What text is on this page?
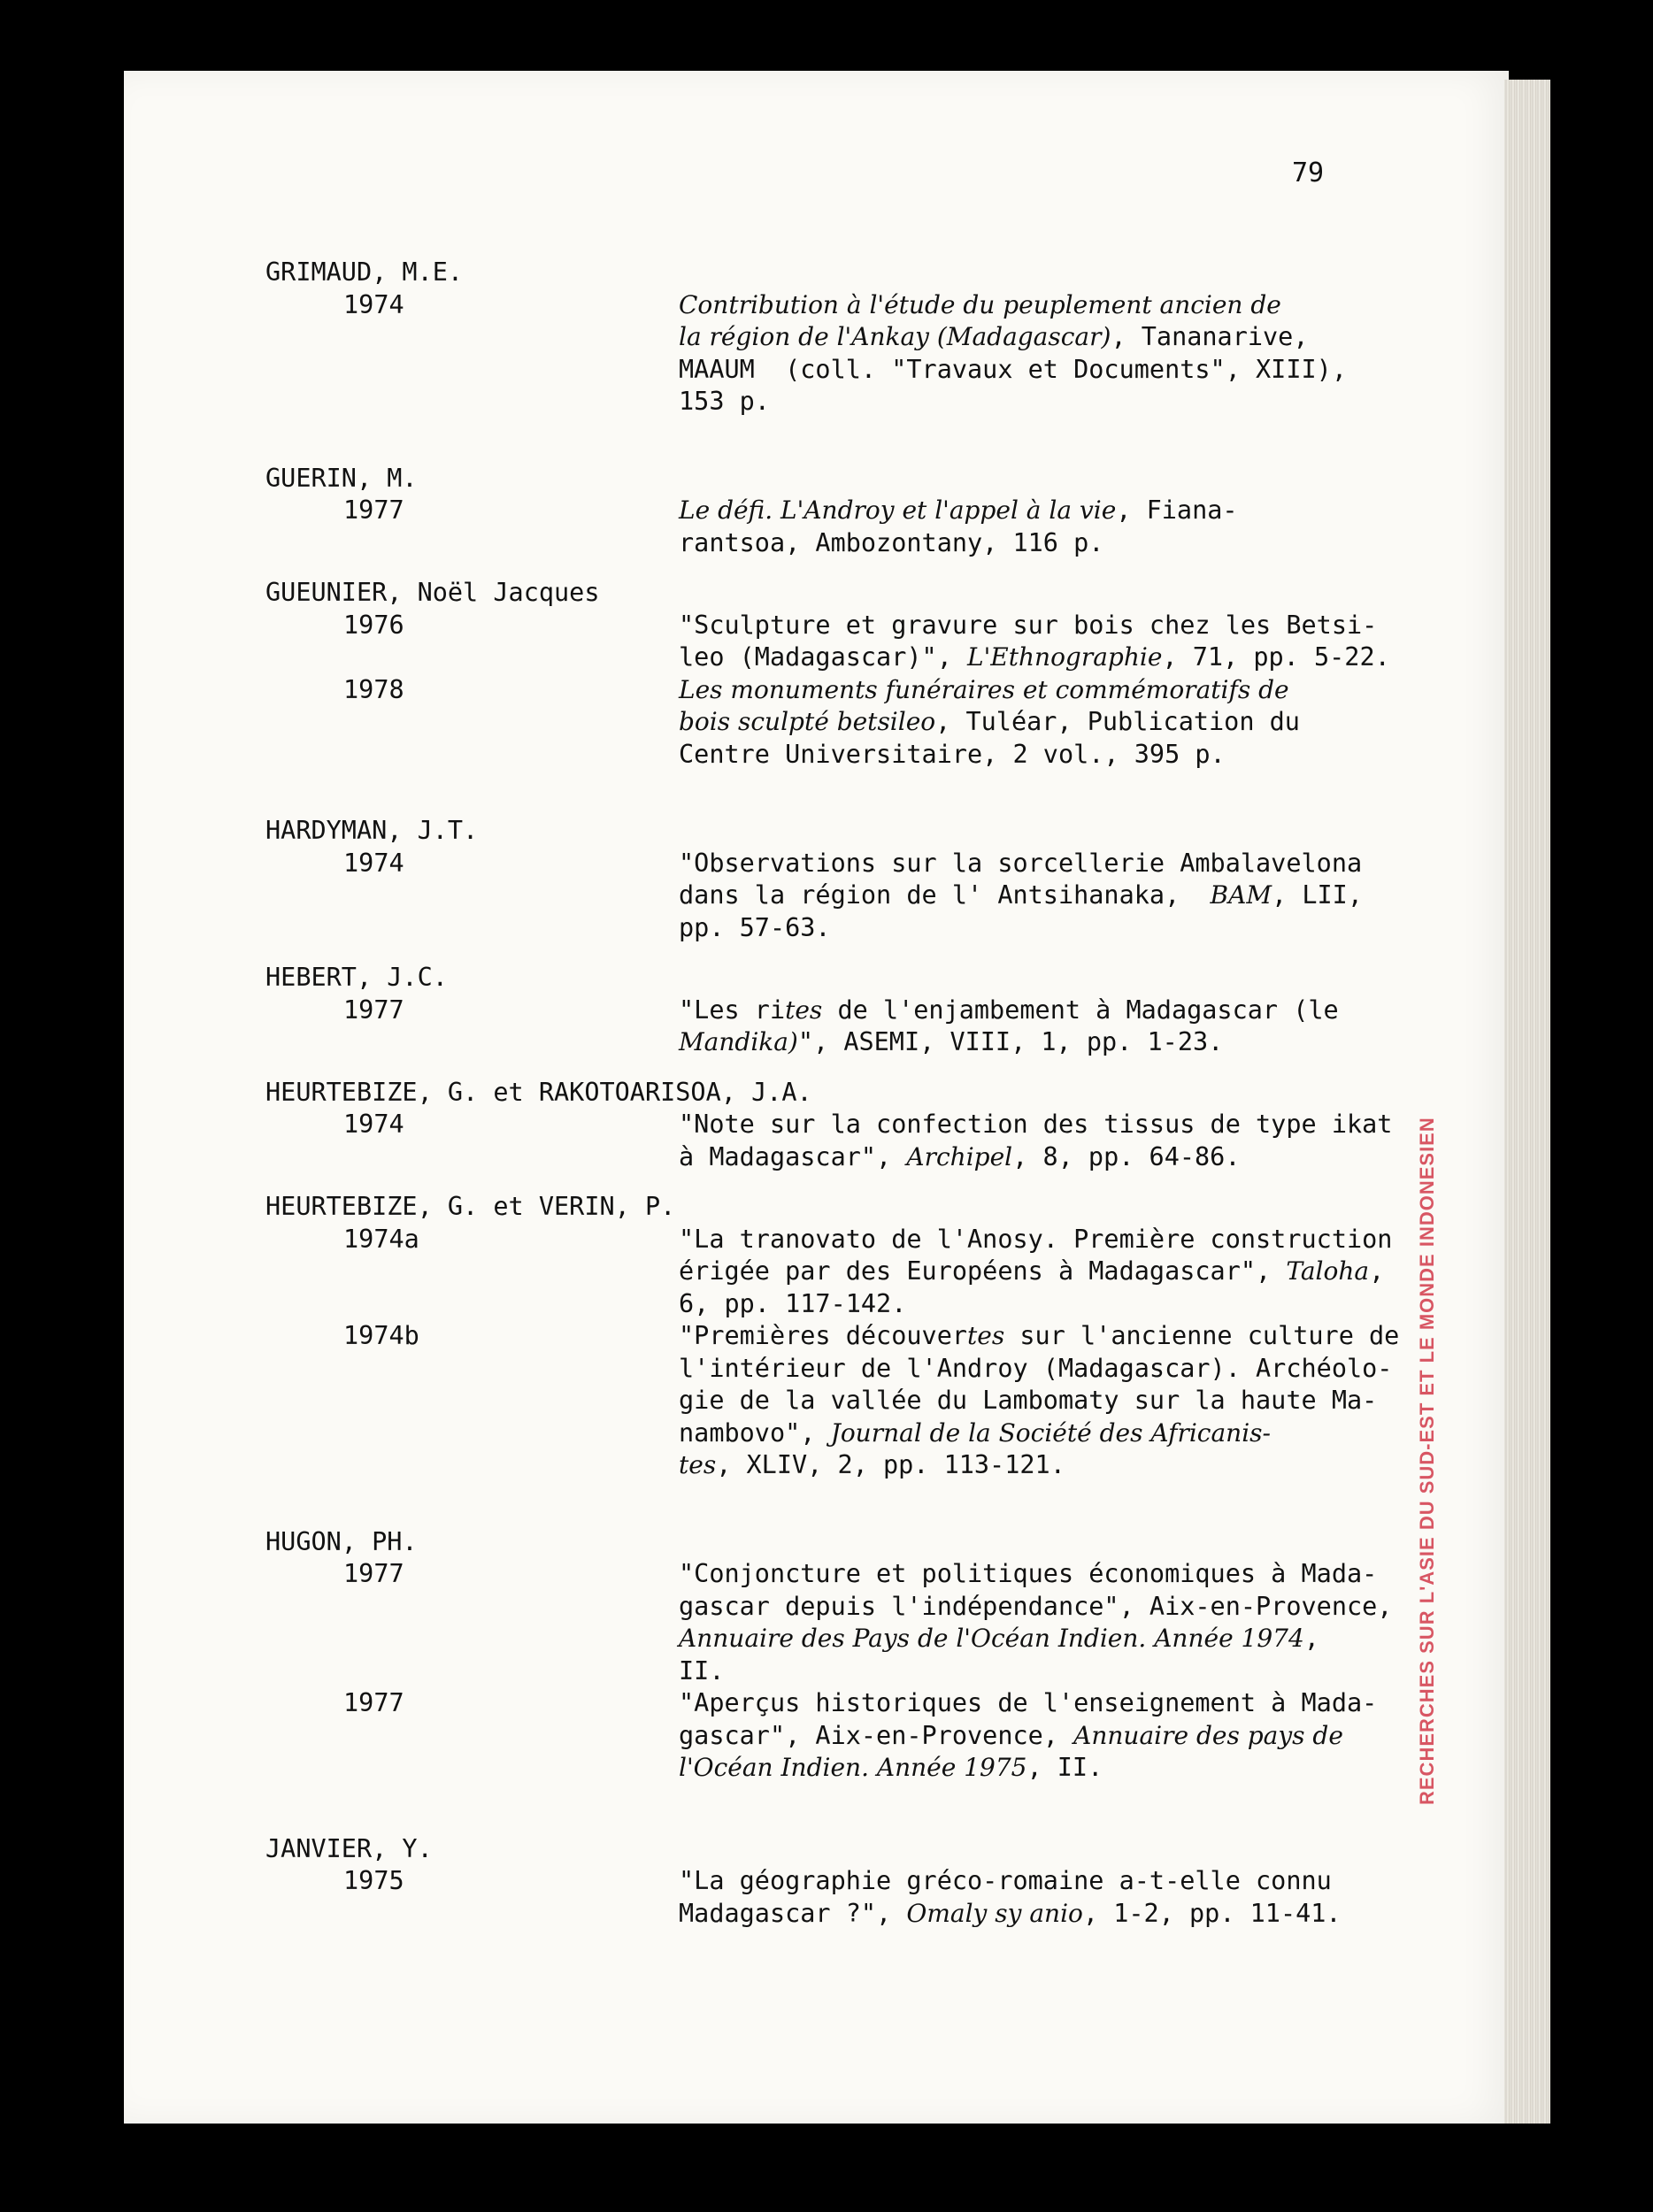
RECHERCHES SUR L'ASIE DU SUD-EST ET LE MONDE INDONESIEN
79
GRIMAUD, M.E.
1974	Contribution à l'étude du peuplement ancien de
la région de l'Ankay (Madagascar), Tananarive,
MAAUM  (coll. "Travaux et Documents", XIII),
153 p.
GUERIN, M.
1977	Le défi. L'Androy et l'appel à la vie, Fiana-
rantsoa, Ambozontany, 116 p.
GUEUNIER, Noël Jacques
1976	"Sculpture et gravure sur bois chez les Betsi-
leo (Madagascar)", L'Ethnographie, 71, pp. 5-22.
1978	Les monuments funéraires et commémoratifs de
bois sculpté betsileo, Tuléar, Publication du
Centre Universitaire, 2 vol., 395 p.
HARDYMAN, J.T.
1974	"Observations sur la sorcellerie Ambalavelona
dans la région de l' Antsihanaka,  BAM, LII,
pp. 57-63.
HEBERT, J.C.
1977	"Les rites de l'enjambement à Madagascar (le
Mandika)", ASEMI, VIII, 1, pp. 1-23.
HEURTEBIZE, G. et RAKOTOARISOA, J.A.
1974	"Note sur la confection des tissus de type ikat
à Madagascar", Archipel, 8, pp. 64-86.
HEURTEBIZE, G. et VERIN, P.
1974a	"La tranovato de l'Anosy. Première construction
érigée par des Européens à Madagascar", Taloha,
6, pp. 117-142.
1974b	"Premières découvertes sur l'ancienne culture de
l'intérieur de l'Androy (Madagascar). Archéolo-
gie de la vallée du Lambomaty sur la haute Ma-
nambovo", Journal de la Société des Africanis-
tes, XLIV, 2, pp. 113-121.
HUGON, PH.
1977	"Conjoncture et politiques économiques à Mada-
gascar depuis l'indépendance", Aix-en-Provence,
Annuaire des Pays de l'Océan Indien. Année 1974,
II.
1977	"Aperçus historiques de l'enseignement à Mada-
gascar", Aix-en-Provence, Annuaire des pays de
l'Océan Indien. Année 1975, II.
JANVIER, Y.
1975	"La géographie gréco-romaine a-t-elle connu
Madagascar ?", Omaly sy anio, 1-2, pp. 11-41.
